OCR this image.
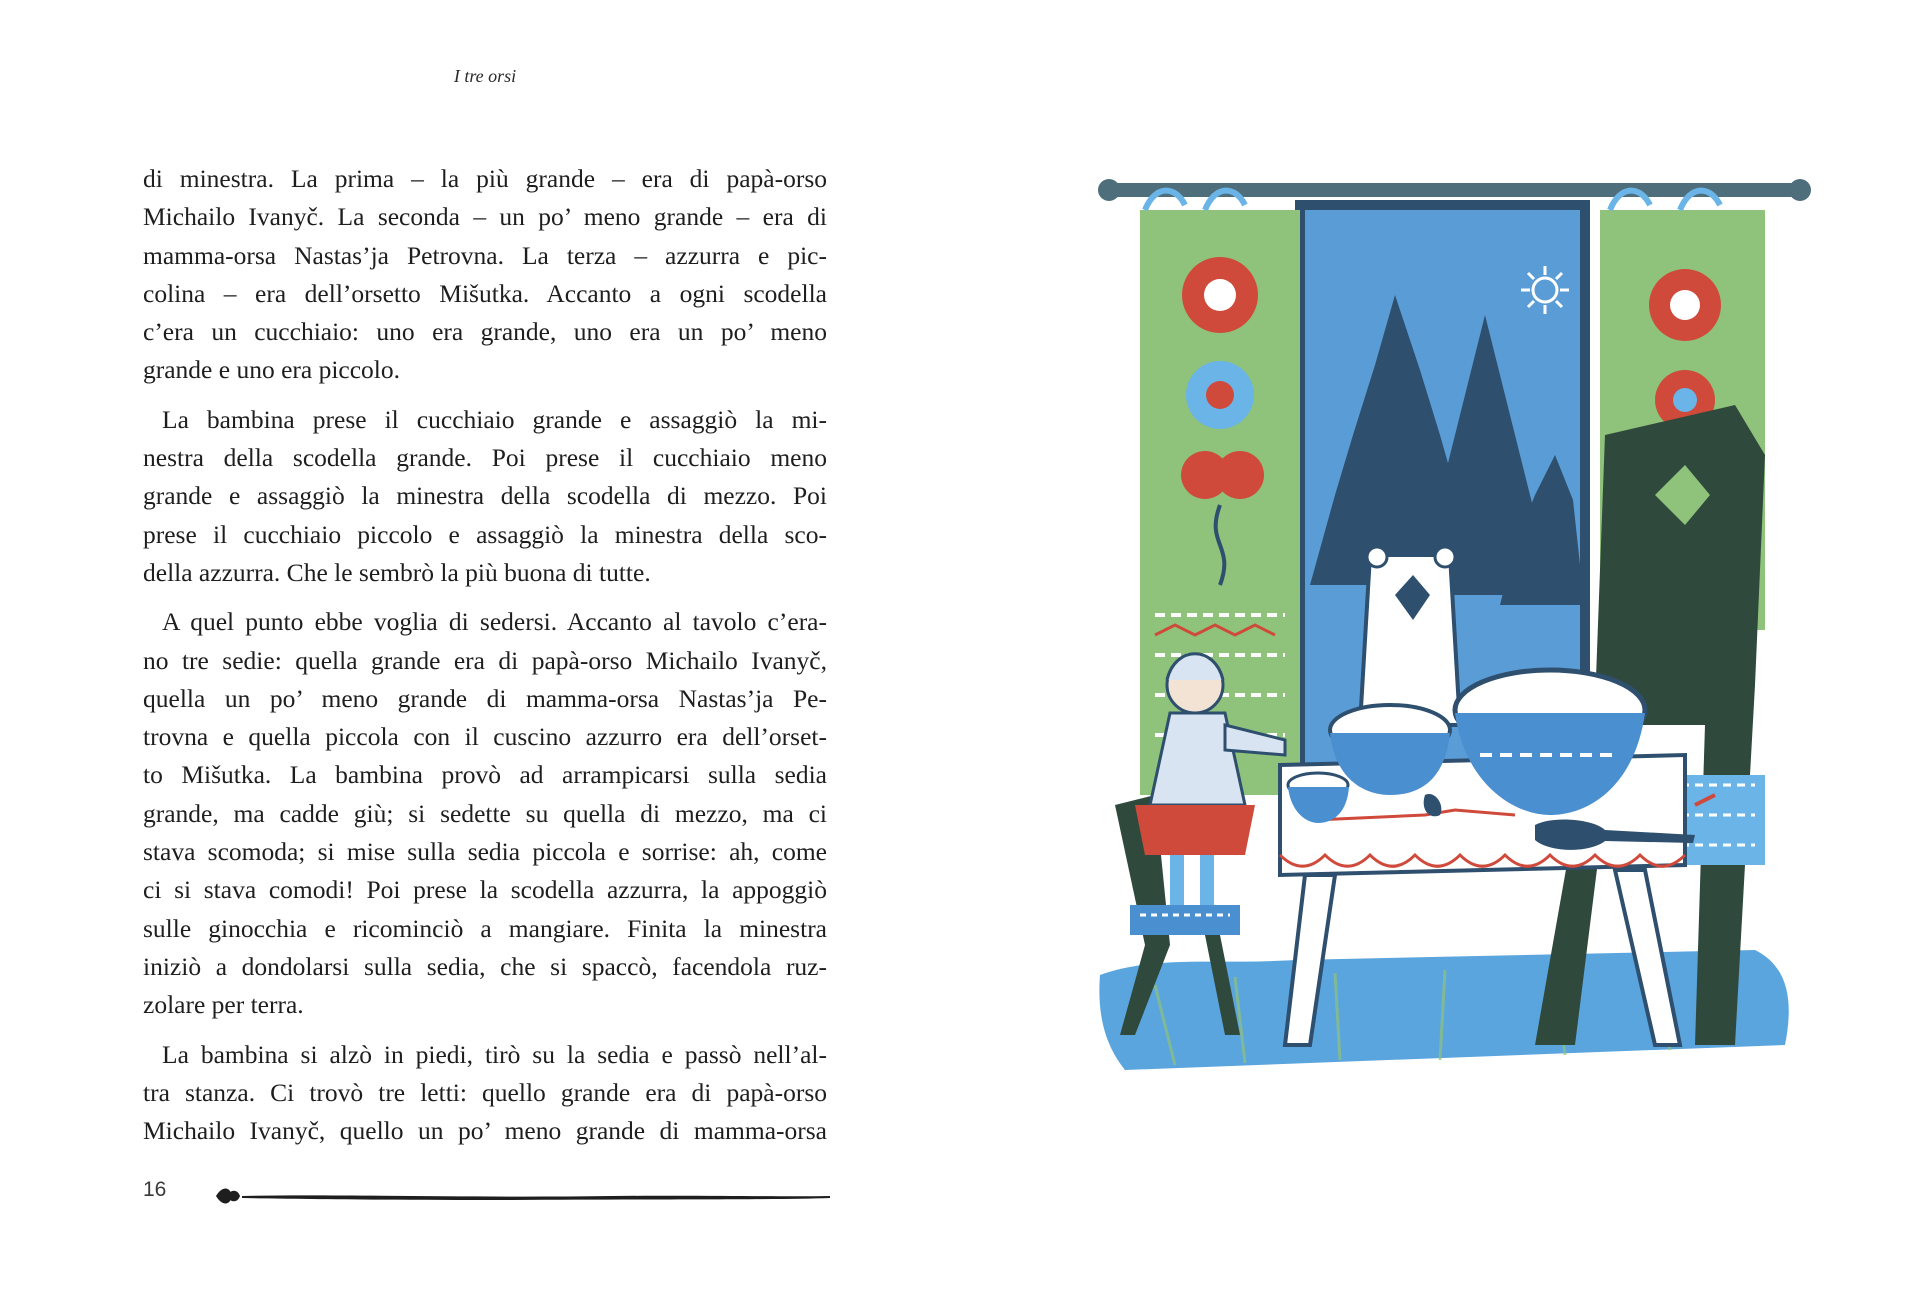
I tre orsi
di minestra. La prima – la più grande – era di papà-orso
Michailo Ivanyč. La seconda – un po’ meno grande – era di
mamma-orsa Nastas’ja Petrovna. La terza – azzurra e pic-
colina – era dell’orsetto Mišutka. Accanto a ogni scodella
c’era un cucchiaio: uno era grande, uno era un po’ meno
grande e uno era piccolo.
La bambina prese il cucchiaio grande e assaggiò la mi-
nestra della scodella grande. Poi prese il cucchiaio meno
grande e assaggiò la minestra della scodella di mezzo. Poi
prese il cucchiaio piccolo e assaggiò la minestra della sco-
della azzurra. Che le sembrò la più buona di tutte.
A quel punto ebbe voglia di sedersi. Accanto al tavolo c’era-
no tre sedie: quella grande era di papà-orso Michailo Ivanyč,
quella un po’ meno grande di mamma-orsa Nastas’ja Pe-
trovna e quella piccola con il cuscino azzurro era dell’orset-
to Mišutka. La bambina provò ad arrampicarsi sulla sedia
grande, ma cadde giù; si sedette su quella di mezzo, ma ci
stava scomoda; si mise sulla sedia piccola e sorrise: ah, come
ci si stava comodi! Poi prese la scodella azzurra, la appoggiò
sulle ginocchia e ricominciò a mangiare. Finita la minestra
iniziò a dondolarsi sulla sedia, che si spaccò, facendola ruz-
zolare per terra.
La bambina si alzò in piedi, tirò su la sedia e passò nell’al-
tra stanza. Ci trovò tre letti: quello grande era di papà-orso
Michailo Ivanyč, quello un po’ meno grande di mamma-orsa
16
